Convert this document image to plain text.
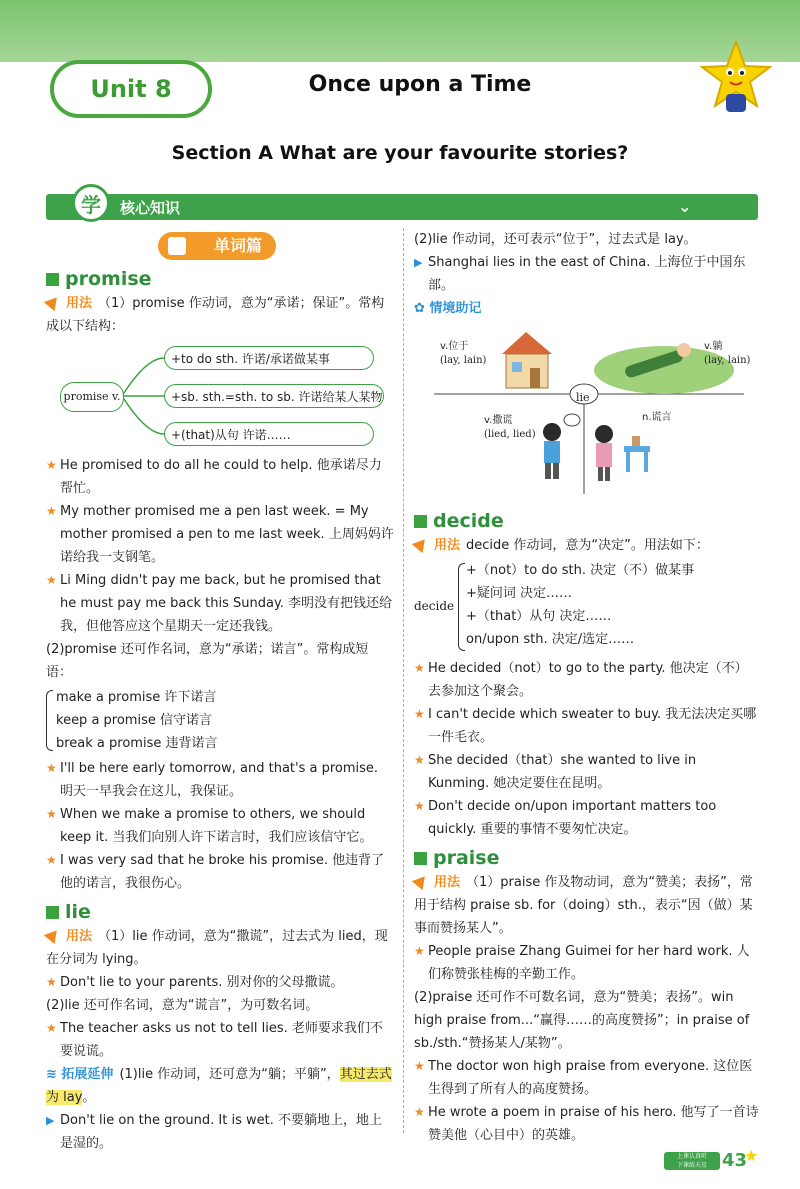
Unit 8	Once upon a Time
Section A What are your favourite stories?
学	核心知识	⌄
单词篇
promise

用法 （1）promise 作动词，意为“承诺；保证”。常构成以下结构：

promise v.
+to do sth. 许诺/承诺做某事
+sb. sth.=sth. to sb. 许诺给某人某物
+(that)从句 许诺……
★ He promised to do all he could to help. 他承诺尽力帮忙。
★ My mother promised me a pen last week. = My mother promised a pen to me last week. 上周妈妈许诺给我一支钢笔。
★ Li Ming didn't pay me back, but he promised that he must pay me back this Sunday. 李明没有把钱还给我，但他答应这个星期天一定还我钱。

(2)promise 还可作名词，意为“承诺；诺言”。常构成短语：

make a promise 许下诺言
keep a promise 信守诺言
break a promise 违背诺言
★ I'll be here early tomorrow, and that's a promise. 明天一早我会在这儿，我保证。
★ When we make a promise to others, we should keep it. 当我们向别人许下诺言时，我们应该信守它。
★ I was very sad that he broke his promise. 他违背了他的诺言，我很伤心。
lie

用法 （1）lie 作动词，意为“撒谎”，过去式为 lied，现在分词为 lying。

★ Don't lie to your parents. 别对你的父母撒谎。

(2)lie 还可作名词，意为“谎言”，为可数名词。

★ The teacher asks us not to tell lies. 老师要求我们不要说谎。

≋ 拓展延伸 (1)lie 作动词，还可意为“躺；平躺”，其过去式为 lay。

▶ Don't lie on the ground. It is wet. 不要躺地上，地上是湿的。

(2)lie 作动词，还可表示“位于”，过去式是 lay。

▶ Shanghai lies in the east of China. 上海位于中国东部。

✿ 情境助记

lie
v.位于
(lay, lain)
v.躺
(lay, lain)
v.撒谎
(lied, lied)
n.谎言
decide

用法 decide 作动词，意为“决定”。用法如下：

decide
+（not）to do sth. 决定（不）做某事
+疑问词 决定……
+（that）从句 决定……
on/upon sth. 决定/选定……
★ He decided（not）to go to the party. 他决定（不）去参加这个聚会。
★ I can't decide which sweater to buy. 我无法决定买哪一件毛衣。
★ She decided（that）she wanted to live in Kunming. 她决定要住在昆明。
★ Don't decide on/upon important matters too quickly. 重要的事情不要匆忙决定。
praise

用法 （1）praise 作及物动词，意为“赞美；表扬”，常用于结构 praise sb. for（doing）sth.，表示“因（做）某事而赞扬某人”。

★ People praise Zhang Guimei for her hard work. 人们称赞张桂梅的辛勤工作。

(2)praise 还可作不可数名词，意为“赞美；表扬”。win high praise from...“赢得……的高度赞扬”；in praise of sb./sth.“赞扬某人/某物”。

★ The doctor won high praise from everyone. 这位医生得到了所有人的高度赞扬。
★ He wrote a poem in praise of his hero. 他写了一首诗赞美他（心目中）的英雄。
上课认真听
下课练天星 43
★
